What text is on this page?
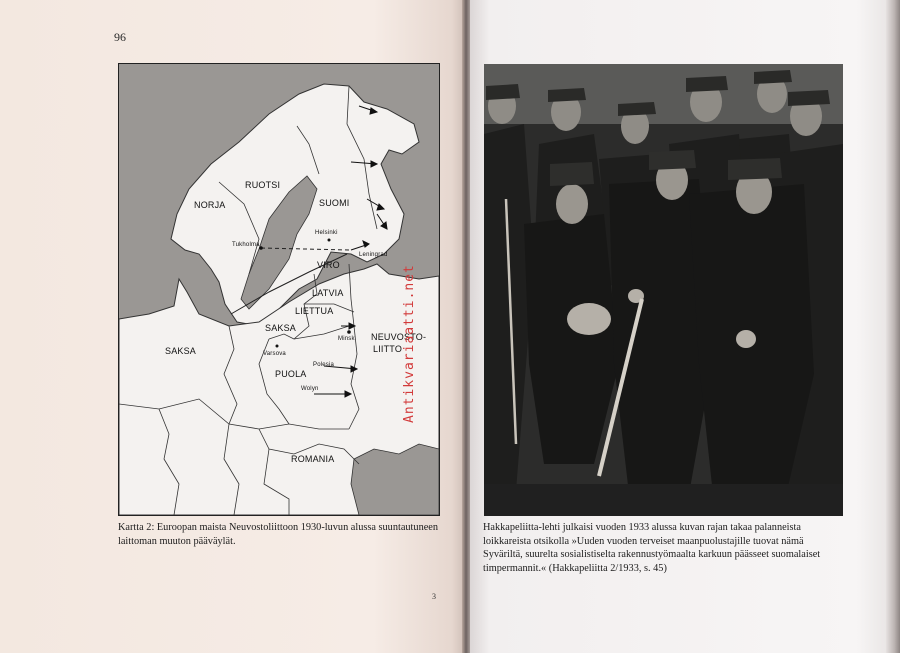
96
NORJA
RUOTSI
SUOMI
Tukholma
Helsinki
Leningrad
VIRO
LATVIA
LIETTUA
SAKSA
SAKSA
Minsk NEUVOSTO-
LIITTO
Varsova
Polesia
PUOLA
Wolyn
ROMANIA
Antikvariaatti.net
Kartta 2: Euroopan maista Neuvostoliittoon 1930-luvun alussa suuntautuneen laittoman muuton pääväylät.
3
Hakkapeliitta-lehti julkaisi vuoden 1933 alussa kuvan rajan takaa palanneista loikkareista otsikolla »Uuden vuoden terveiset maanpuolustajille tuovat nämä Syväriltä, suurelta sosialistiselta rakennustyömaalta karkuun päässeet suomalaiset timpermannit.« (Hakkapeliitta 2/1933, s. 45)
